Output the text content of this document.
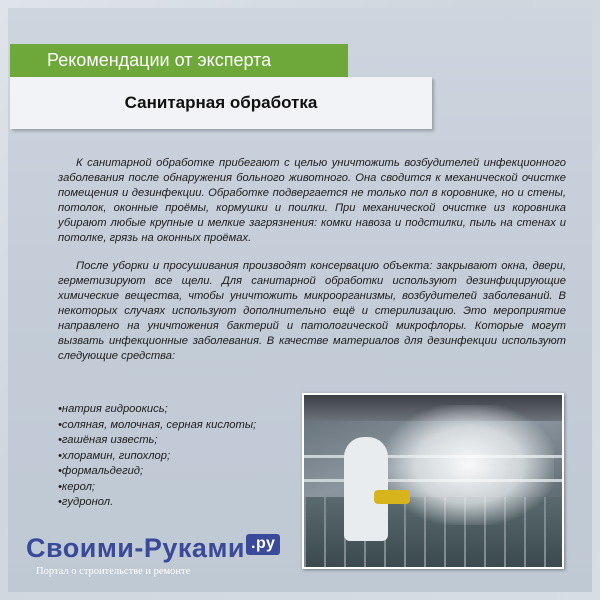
Рекомендации от эксперта
Санитарная обработка

К санитарной обработке прибегают с целью уничтожить возбудителей инфекционного заболевания после обнаружения больного животного. Она сводится к механической очистке помещения и дезинфекции. Обработке подвергается не только пол в коровнике, но и стены, потолок, оконные проёмы, кормушки и поилки. При механической очистке из коровника убирают любые крупные и мелкие загрязнения: комки навоза и подстилки, пыль на стенах и потолке, грязь на оконных проёмах.

После уборки и просушивания производят консервацию объекта: закрывают окна, двери, герметизируют все щели. Для санитарной обработки используют дезинфицирующие химические вещества, чтобы уничтожить микроорганизмы, возбудителей заболеваний. В некоторых случаях используют дополнительно ещё и стерилизацию. Это мероприятие направлено на уничтожения бактерий и патологической микрофлоры. Которые могут вызвать инфекционные заболевания. В качестве материалов для дезинфекции используют следующие средства:

•натрия гидроокись;
•соляная, молочная, серная кислоты;
•гашёная известь;
•хлорамин, гипохлор;
•формальдегид;
•керол;
•гудронол.
Своими-Руками .ру
Портал о строительстве и ремонте
